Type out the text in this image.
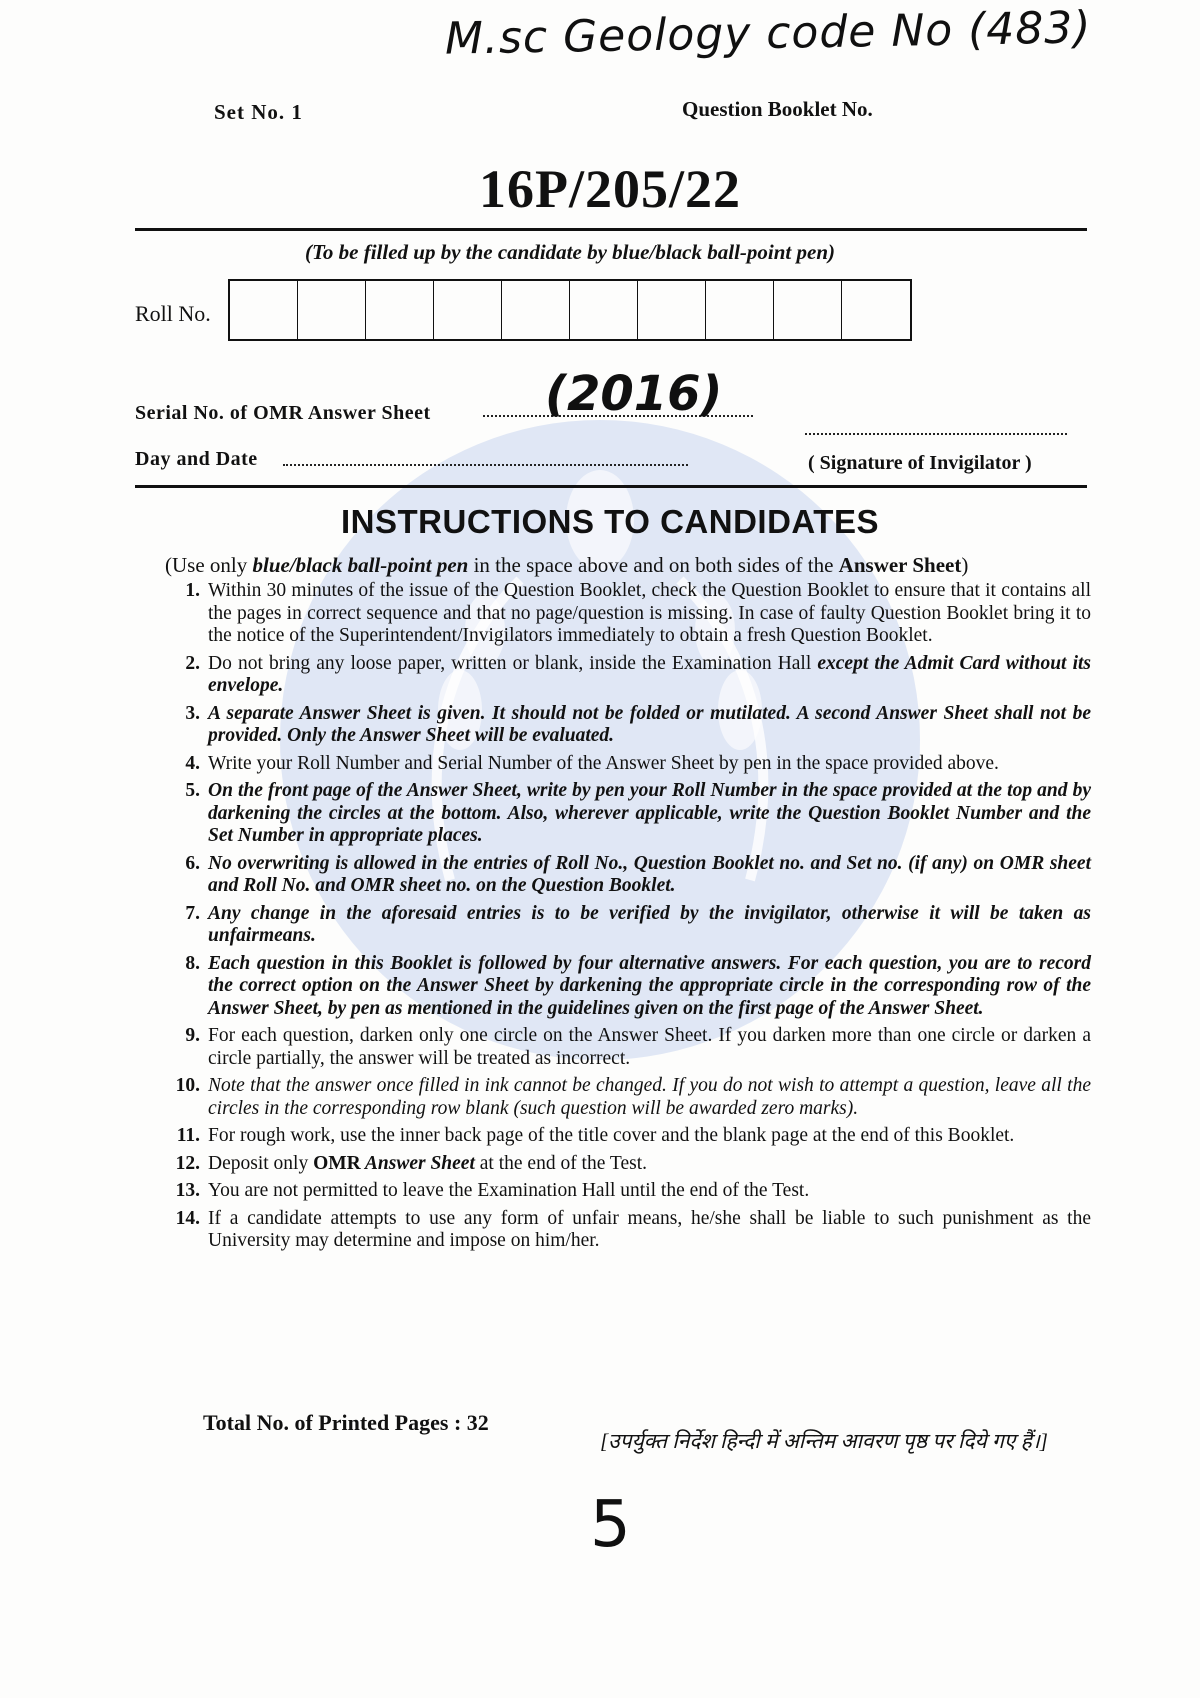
M.sc Geology code No (483)
Set No. 1	Question Booklet No.
16P/205/22
(To be filled up by the candidate by blue/black ball-point pen)
Roll No.
Serial No. of OMR Answer Sheet (2016)
Day and Date	( Signature of Invigilator )
INSTRUCTIONS TO CANDIDATES
(Use only blue/black ball-point pen in the space above and on both sides of the Answer Sheet)
1. Within 30 minutes of the issue of the Question Booklet, check the Question Booklet to ensure that it contains all the pages in correct sequence and that no page/question is missing. In case of faulty Question Booklet bring it to the notice of the Superintendent/Invigilators immediately to obtain a fresh Question Booklet.
2. Do not bring any loose paper, written or blank, inside the Examination Hall except the Admit Card without its envelope.
3. A separate Answer Sheet is given. It should not be folded or mutilated. A second Answer Sheet shall not be provided. Only the Answer Sheet will be evaluated.
4. Write your Roll Number and Serial Number of the Answer Sheet by pen in the space provided above.
5. On the front page of the Answer Sheet, write by pen your Roll Number in the space provided at the top and by darkening the circles at the bottom. Also, wherever applicable, write the Question Booklet Number and the Set Number in appropriate places.
6. No overwriting is allowed in the entries of Roll No., Question Booklet no. and Set no. (if any) on OMR sheet and Roll No. and OMR sheet no. on the Question Booklet.
7. Any change in the aforesaid entries is to be verified by the invigilator, otherwise it will be taken as unfairmeans.
8. Each question in this Booklet is followed by four alternative answers. For each question, you are to record the correct option on the Answer Sheet by darkening the appropriate circle in the corresponding row of the Answer Sheet, by pen as mentioned in the guidelines given on the first page of the Answer Sheet.
9. For each question, darken only one circle on the Answer Sheet. If you darken more than one circle or darken a circle partially, the answer will be treated as incorrect.
10. Note that the answer once filled in ink cannot be changed. If you do not wish to attempt a question, leave all the circles in the corresponding row blank (such question will be awarded zero marks).
11. For rough work, use the inner back page of the title cover and the blank page at the end of this Booklet.
12. Deposit only OMR Answer Sheet at the end of the Test.
13. You are not permitted to leave the Examination Hall until the end of the Test.
14. If a candidate attempts to use any form of unfair means, he/she shall be liable to such punishment as the University may determine and impose on him/her.
Total No. of Printed Pages : 32
[उपर्युक्त निर्देश हिन्दी में अन्तिम आवरण पृष्ठ पर दिये गए हैं।]
5
